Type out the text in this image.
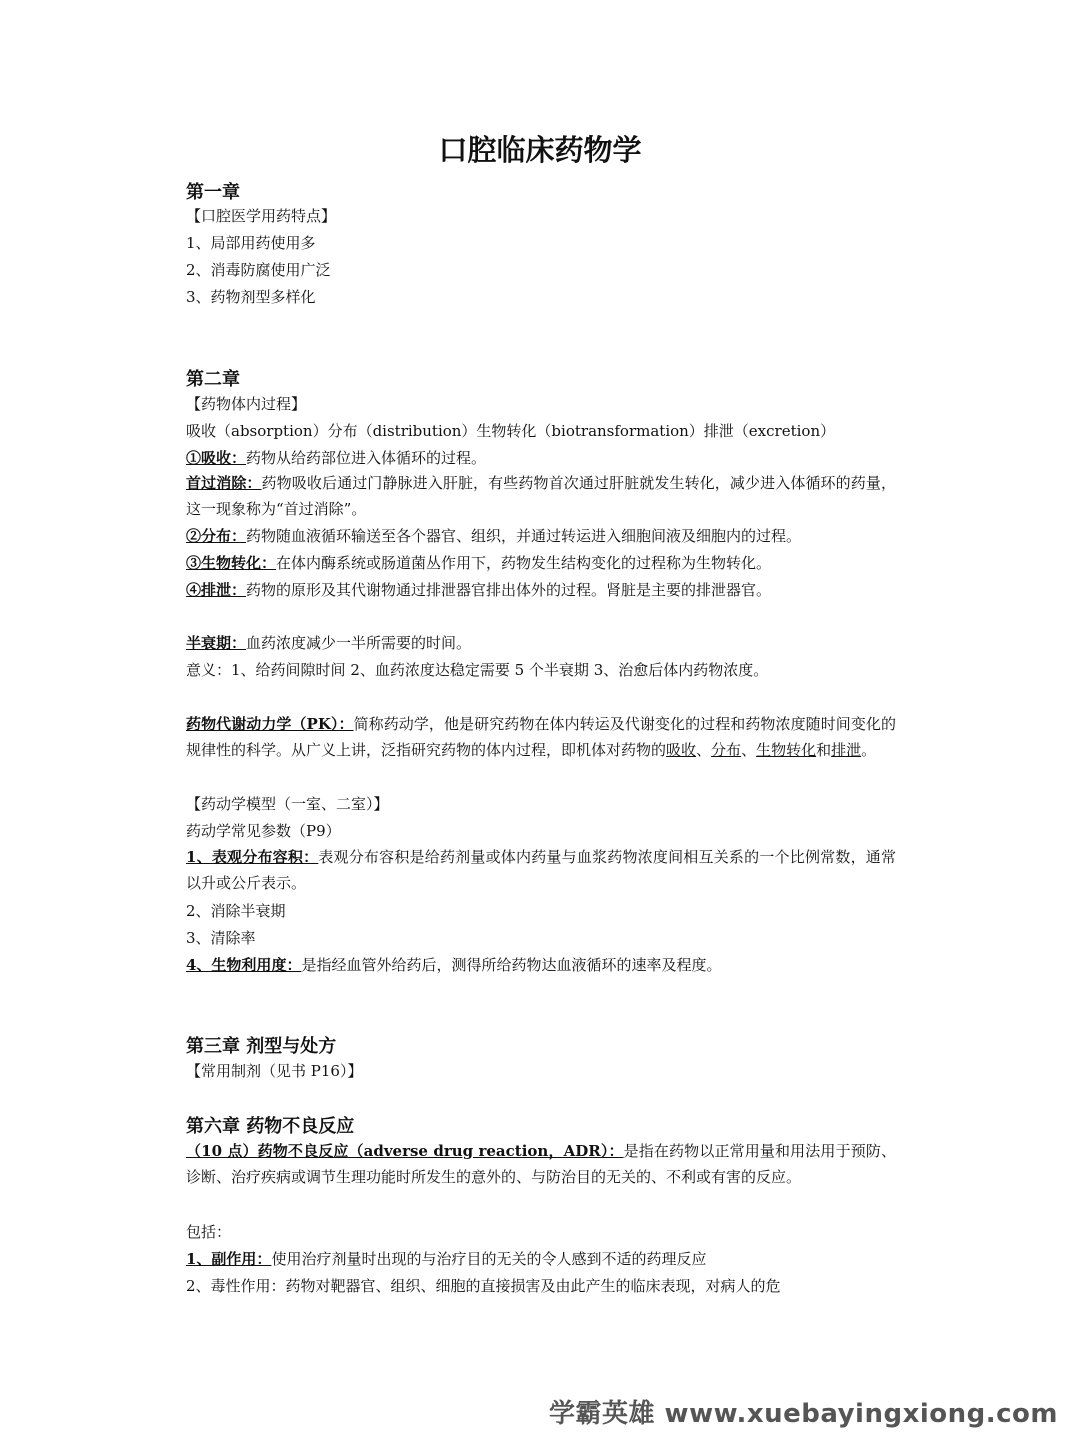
口腔临床药物学
第一章

【口腔医学用药特点】

1、局部用药使用多

2、消毒防腐使用广泛

3、药物剂型多样化

第二章

【药物体内过程】

吸收（absorption）分布（distribution）生物转化（biotransformation）排泄（excretion）

①吸收：药物从给药部位进入体循环的过程。

首过消除：药物吸收后通过门静脉进入肝脏，有些药物首次通过肝脏就发生转化，减少进入体循环的药量，这一现象称为“首过消除”。

②分布：药物随血液循环输送至各个器官、组织，并通过转运进入细胞间液及细胞内的过程。

③生物转化：在体内酶系统或肠道菌丛作用下，药物发生结构变化的过程称为生物转化。

④排泄：药物的原形及其代谢物通过排泄器官排出体外的过程。肾脏是主要的排泄器官。

半衰期：血药浓度减少一半所需要的时间。

意义：1、给药间隙时间 2、血药浓度达稳定需要 5 个半衰期 3、治愈后体内药物浓度。

药物代谢动力学（PK）：简称药动学，他是研究药物在体内转运及代谢变化的过程和药物浓度随时间变化的规律性的科学。从广义上讲，泛指研究药物的体内过程，即机体对药物的吸收、分布、生物转化和排泄。

【药动学模型（一室、二室）】

药动学常见参数（P9）

1、表观分布容积：表观分布容积是给药剂量或体内药量与血浆药物浓度间相互关系的一个比例常数，通常以升或公斤表示。

2、消除半衰期

3、清除率

4、生物利用度：是指经血管外给药后，测得所给药物达血液循环的速率及程度。

第三章 剂型与处方

【常用制剂（见书 P16）】

第六章 药物不良反应

（10 点）药物不良反应（adverse drug reaction，ADR）：是指在药物以正常用量和用法用于预防、诊断、治疗疾病或调节生理功能时所发生的意外的、与防治目的无关的、不利或有害的反应。

包括：

1、副作用：使用治疗剂量时出现的与治疗目的无关的令人感到不适的药理反应

2、毒性作用：药物对靶器官、组织、细胞的直接损害及由此产生的临床表现，对病人的危

学霸英雄 www.xuebayingxiong.com
